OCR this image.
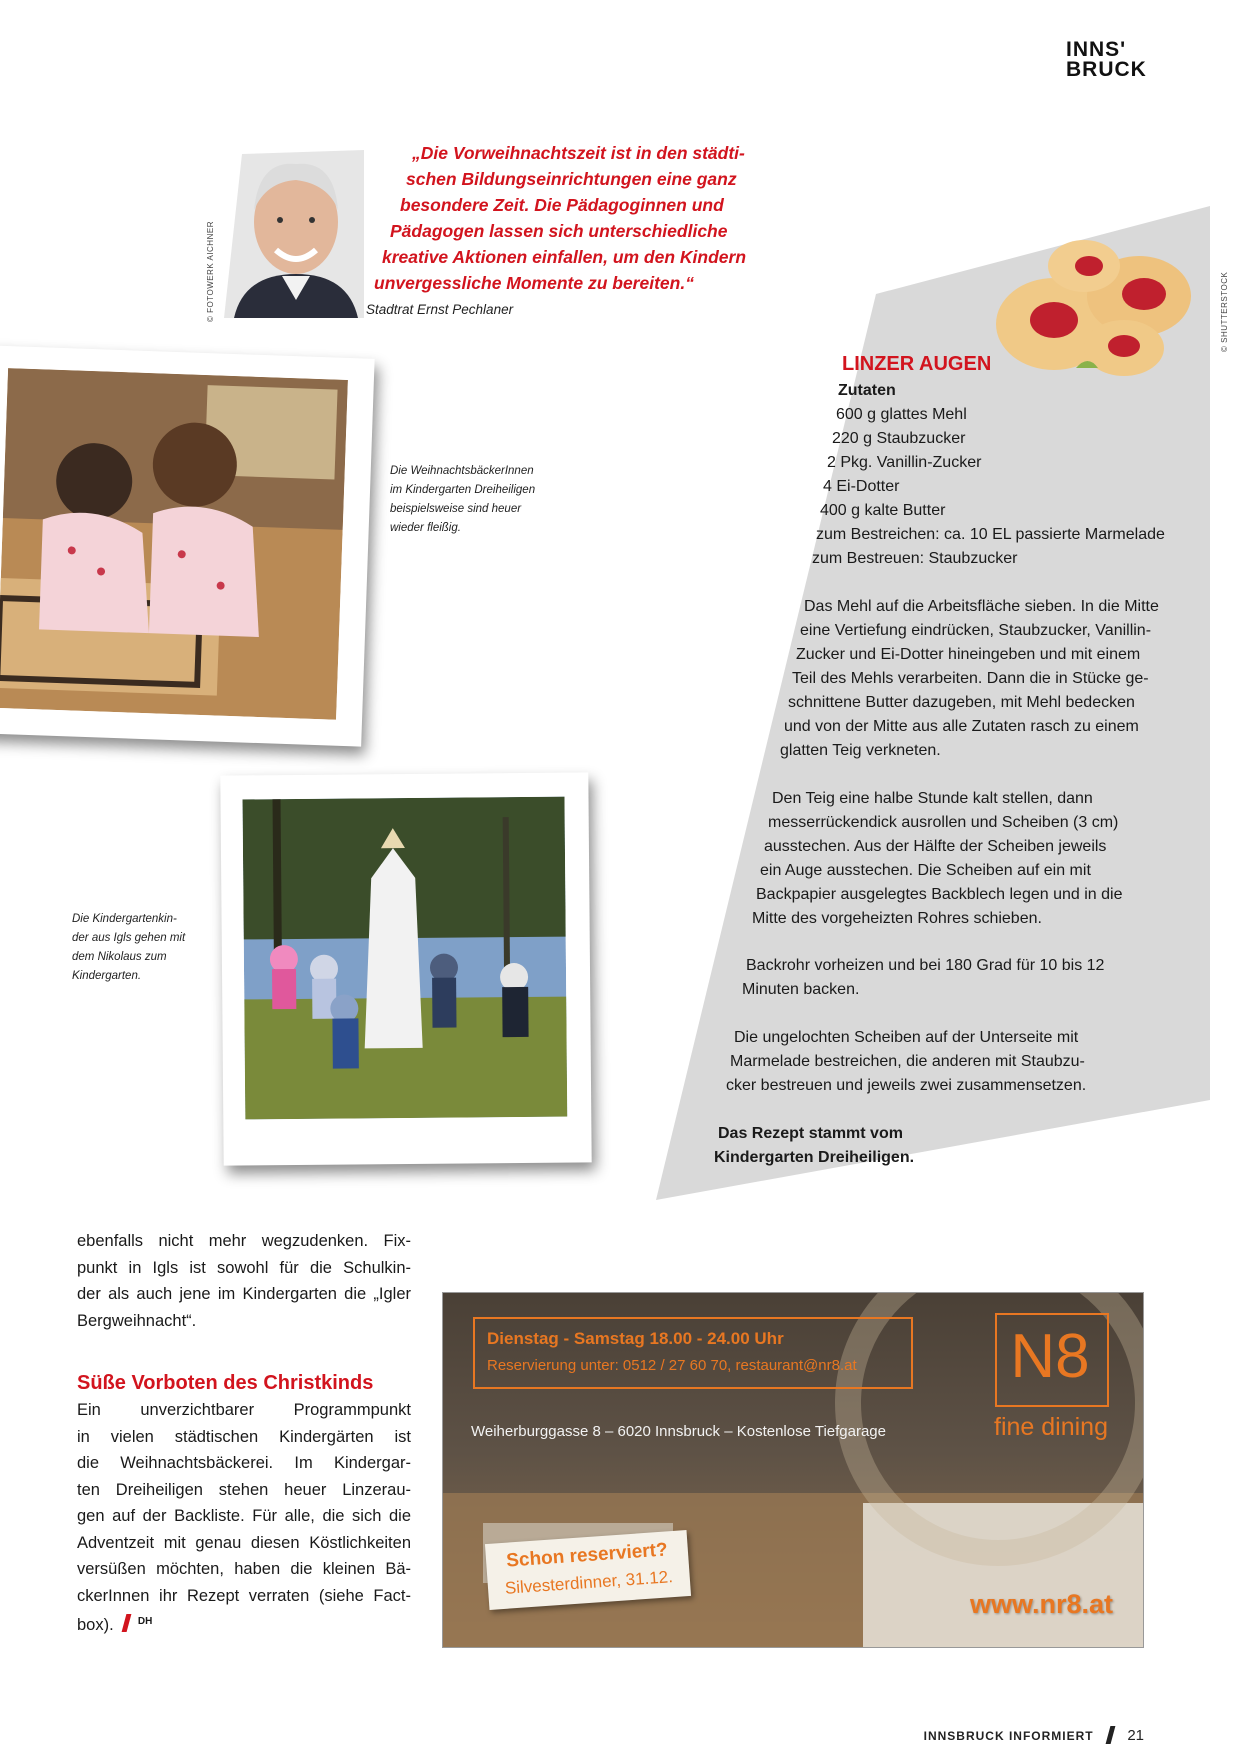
INNS'
BRUCK
© FOTOWERK AICHNER
„Die Vorweihnachtszeit ist in den städti-
schen Bildungseinrichtungen eine ganz
besondere Zeit. Die Pädagoginnen und
Pädagogen lassen sich unterschiedliche
kreative Aktionen einfallen, um den Kindern
unvergessliche Momente zu bereiten.“
Stadtrat Ernst Pechlaner
Die WeihnachtsbäckerInnen
im Kindergarten Dreiheiligen
beispielsweise sind heuer
wieder fleißig.
Die Kindergartenkin-
der aus Igls gehen mit
dem Nikolaus zum
Kindergarten.
© SHUTTERSTOCK
LINZER AUGEN
Zutaten
600 g glattes Mehl
220 g Staubzucker
2 Pkg. Vanillin-Zucker
4 Ei-Dotter
400 g kalte Butter
zum Bestreichen: ca. 10 EL passierte Marmelade
zum Bestreuen: Staubzucker
Das Mehl auf die Arbeitsfläche sieben. In die Mitte
eine Vertiefung eindrücken, Staubzucker, Vanillin-
Zucker und Ei-Dotter hineingeben und mit einem
Teil des Mehls verarbeiten. Dann die in Stücke ge-
schnittene Butter dazugeben, mit Mehl bedecken
und von der Mitte aus alle Zutaten rasch zu einem
glatten Teig verkneten.
Den Teig eine halbe Stunde kalt stellen, dann
messerrückendick ausrollen und Scheiben (3 cm)
ausstechen. Aus der Hälfte der Scheiben jeweils
ein Auge ausstechen. Die Scheiben auf ein mit
Backpapier ausgelegtes Backblech legen und in die
Mitte des vorgeheizten Rohres schieben.
Backrohr vorheizen und bei 180 Grad für 10 bis 12
Minuten backen.
Die ungelochten Scheiben auf der Unterseite mit
Marmelade bestreichen, die anderen mit Staubzu-
cker bestreuen und jeweils zwei zusammensetzen.
Das Rezept stammt vom
Kindergarten Dreiheiligen.
ebenfalls nicht mehr wegzudenken. Fix-
punkt in Igls ist sowohl für die Schulkin-
der als auch jene im Kindergarten die „Igler
Bergweihnacht“.
Süße Vorboten des Christkinds
Ein unverzichtbarer Programmpunkt
in vielen städtischen Kindergärten ist
die Weihnachtsbäckerei. Im Kindergar-
ten Dreiheiligen stehen heuer Linzerau-
gen auf der Backliste. Für alle, die sich die
Adventzeit mit genau diesen Köstlichkeiten
versüßen möchten, haben die kleinen Bä-
ckerInnen ihr Rezept verraten (siehe Fact-
box). $^{DH}$
Dienstag - Samstag 18.00 - 24.00 Uhr
Reservierung unter: 0512 / 27 60 70, restaurant@nr8.at
Weiherburggasse 8 – 6020 Innsbruck – Kostenlose Tiefgarage
N8
fine dining
Schon reserviert?
Silvesterdinner, 31.12.
www.nr8.at
INNSBRUCK INFORMIERT 21
